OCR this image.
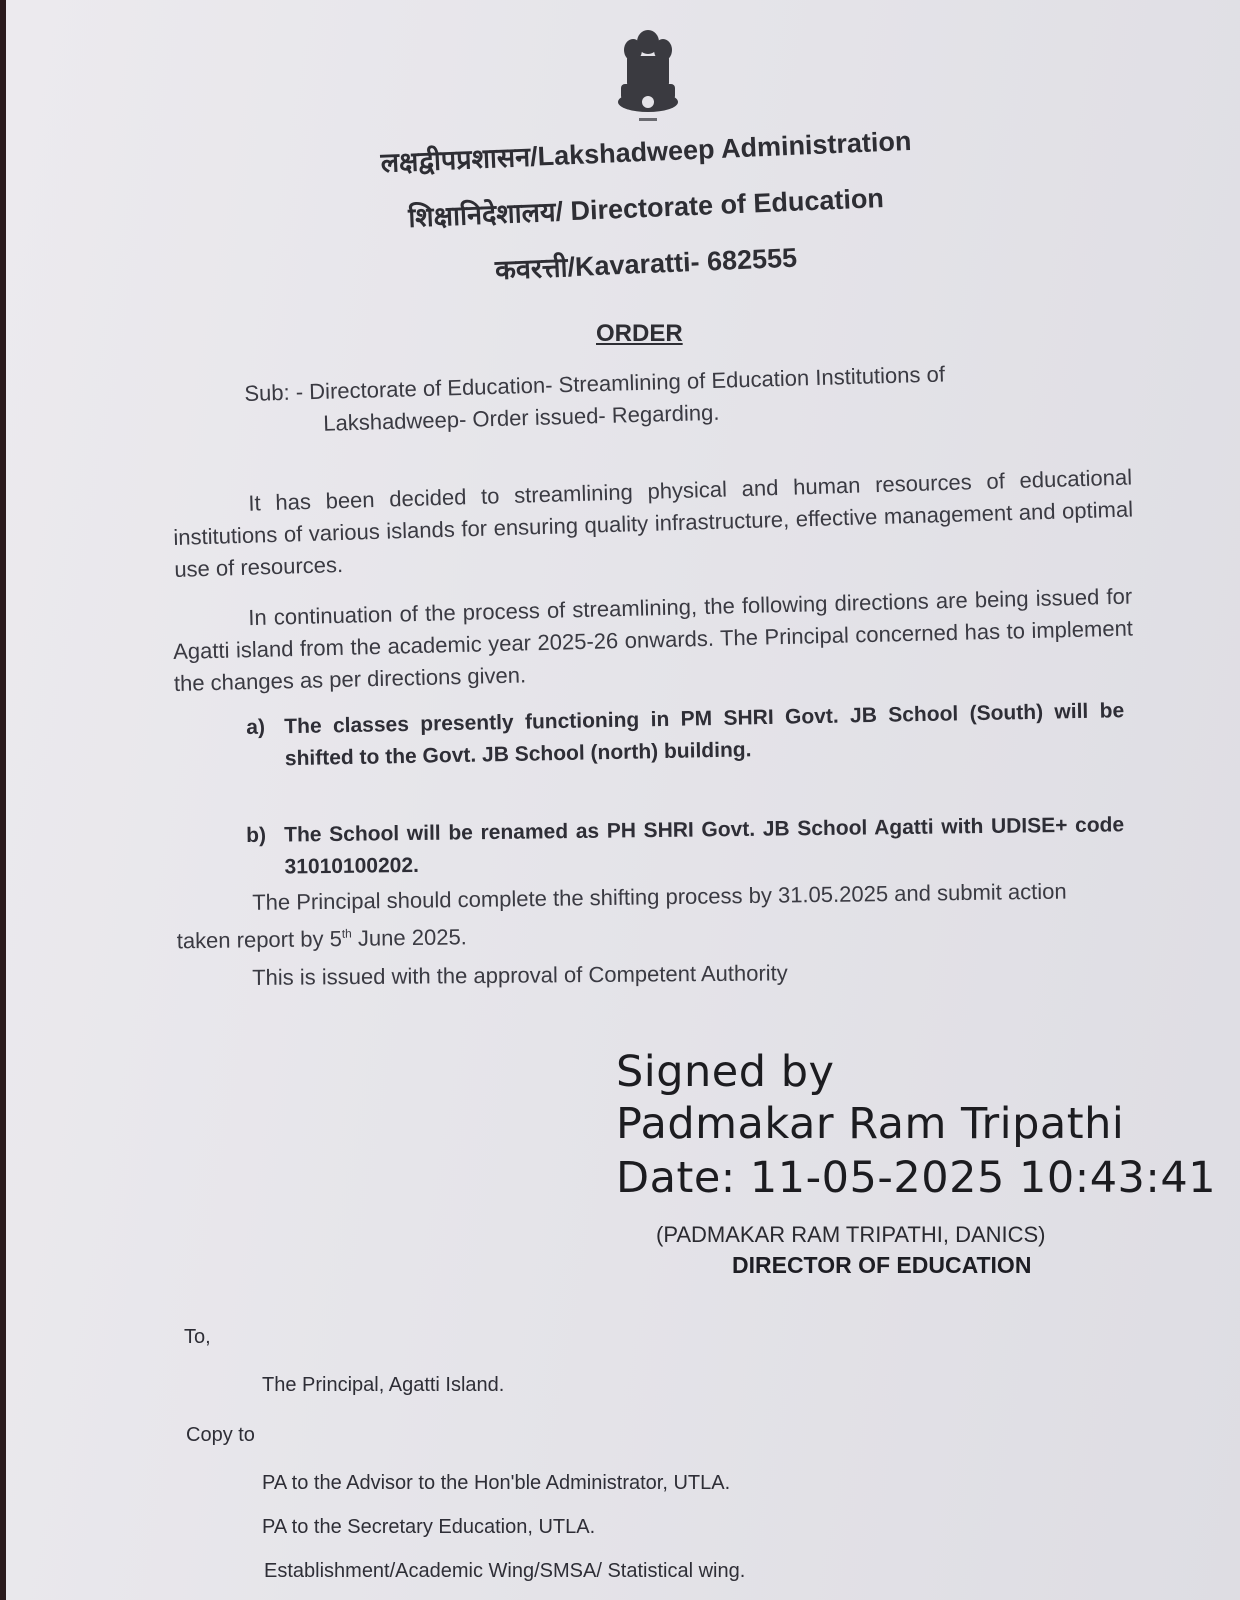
लक्षद्वीपप्रशासन/Lakshadweep Administration
शिक्षानिदेशालय/ Directorate of Education
कवरत्ती/Kavaratti- 682555
ORDER
Sub: - Directorate of Education- Streamlining of Education Institutions of
Lakshadweep- Order issued- Regarding.
It has been decided to streamlining physical and human resources of educational institutions of various islands for ensuring quality infrastructure, effective management and optimal use of resources.
In continuation of the process of streamlining, the following directions are being issued for Agatti island from the academic year 2025-26 onwards. The Principal concerned has to implement the changes as per directions given.
a) The classes presently functioning in PM SHRI Govt. JB School (South) will be shifted to the Govt. JB School (north) building.
b) The School will be renamed as PH SHRI Govt. JB School Agatti with UDISE+ code 31010100202.
The Principal should complete the shifting process by 31.05.2025 and submit action taken report by 5th June 2025.
This is issued with the approval of Competent Authority
Signed by
Padmakar Ram Tripathi
Date: 11-05-2025 10:43:41
(PADMAKAR RAM TRIPATHI, DANICS)
DIRECTOR OF EDUCATION
To,
The Principal, Agatti Island.
Copy to
PA to the Advisor to the Hon'ble Administrator, UTLA.
PA to the Secretary Education, UTLA.
Establishment/Academic Wing/SMSA/ Statistical wing.
